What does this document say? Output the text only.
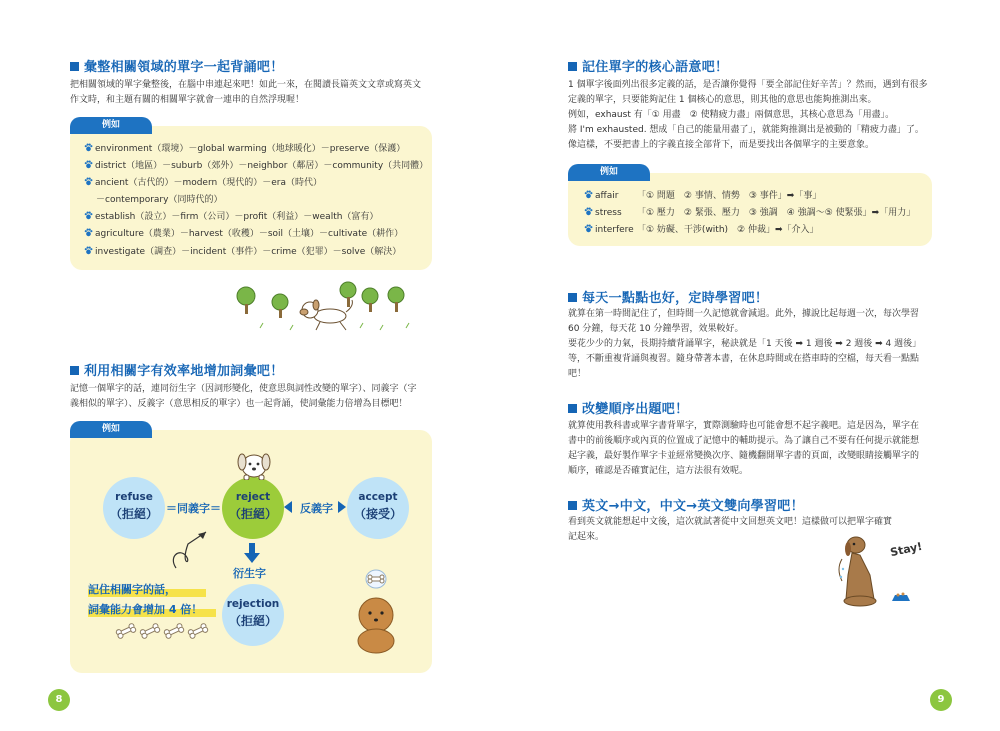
彙整相關領域的單字一起背誦吧！
把相關領域的單字彙整後，在腦中串連起來吧！如此一來，在閱讀長篇英文文章或寫英文
作文時，和主題有關的相關單字就會一連串的自然浮現喔！
例如
environment（環境）－global warming（地球暖化）－preserve（保護）
district（地區）－suburb（郊外）－neighbor（鄰居）－community（共同體）
ancient（古代的）－modern（現代的）－era（時代）
－contemporary（同時代的）
establish（設立）－firm（公司）－profit（利益）－wealth（富有）
agriculture（農業）－harvest（收穫）－soil（土壤）－cultivate（耕作）
investigate（調查）－incident（事件）－crime（犯罪）－solve（解決）
利用相關字有效率地增加詞彙吧！
記憶一個單字的話，連同衍生字（因詞形變化，使意思與詞性改變的單字）、同義字（字
義相似的單字）、反義字（意思相反的單字）也一起背誦，使詞彙能力倍增為目標吧！
例如
refuse
（拒絕） ＝同義字＝
reject
（拒絕）	反義字
accept
（接受）
衍生字
rejection
（拒絕）
記住相關字的話，
詞彙能力會增加 4 倍！
8
記住單字的核心語意吧！
1 個單字後面列出很多定義的話，是否讓你覺得「要全部記住好辛苦」？然而，遇到有很多
定義的單字，只要能夠記住 1 個核心的意思，則其他的意思也能夠推測出來。
例如，exhaust 有「① 用盡　② 使精疲力盡」兩個意思，其核心意思為「用盡」。
將 I'm exhausted. 想成「自己的能量用盡了」，就能夠推測出是被動的「精疲力盡」了。
像這樣，不要把書上的字義直接全部背下，而是要找出各個單字的主要意象。
例如
affair 「① 問題　② 事情、情勢　③ 事件」➡「事」
stress 「① 壓力　② 緊張、壓力　③ 強調　④ 強調～⑤ 使緊張」➡「用力」
interfere 「① 妨礙、干涉(with)　② 仲裁」➡「介入」
每天一點點也好，定時學習吧！
就算在第一時間記住了，但時間一久記憶就會減退。此外，據說比起每週一次，每次學習
60 分鐘，每天花 10 分鐘學習，效果較好。
要花少少的力氣，長期持續背誦單字，秘訣就是「1 天後 ➡ 1 週後 ➡ 2 週後 ➡ 4 週後」
等，不斷重複背誦與複習。隨身帶著本書，在休息時間或在搭車時的空檔，每天看一點點
吧！
改變順序出題吧！
就算使用教科書或單字書背單字，實際測驗時也可能會想不起字義吧。這是因為，單字在
書中的前後順序或內頁的位置成了記憶中的輔助提示。為了讓自己不要有任何提示就能想
起字義，最好製作單字卡並經常變換次序、隨機翻開單字書的頁面，改變眼睛接觸單字的
順序，確認是否確實記住，這方法很有效呢。
英文→中文，中文→英文雙向學習吧！
看到英文就能想起中文後，這次就試著從中文回想英文吧！這樣做可以把單字確實
記起來。
Stay!
9
